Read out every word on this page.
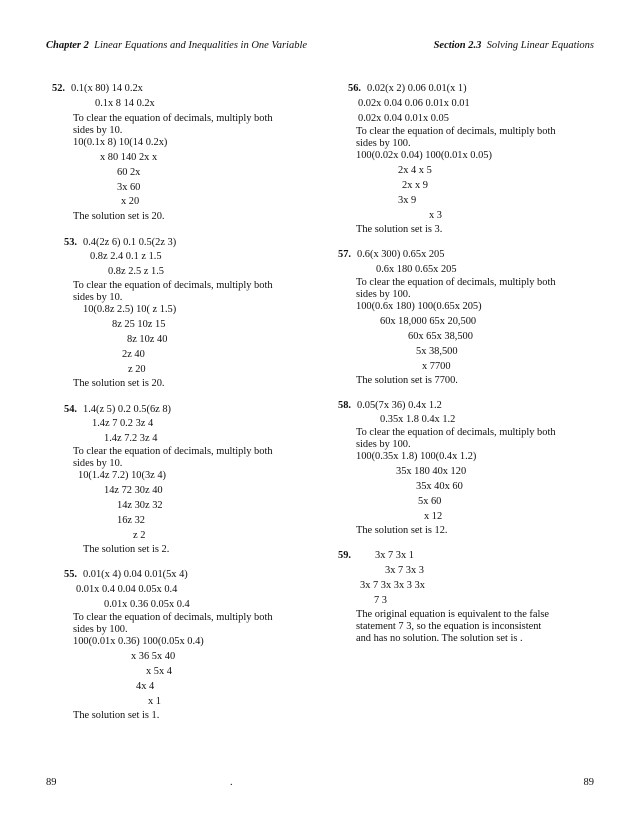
Chapter 2 Linear Equations and Inequalities in One Variable	Section 2.3 Solving Linear Equations
52. 0.1(x 80) 14 0.2x
0.1x 8 14 0.2x
To clear the equation of decimals, multiply both
sides by 10.
10(0.1x 8) 10(14 0.2x)
x 80 140 2x x
60 2x
3x 60
x 20
The solution set is 20.
53. 0.4(2z 6) 0.1 0.5(2z 3)
0.8z 2.4 0.1 z 1.5
0.8z 2.5 z 1.5
To clear the equation of decimals, multiply both
sides by 10.
10(0.8z 2.5) 10( z 1.5)
8z 25 10z 15
8z 10z 40
2z 40
z 20
The solution set is 20.
54. 1.4(z 5) 0.2 0.5(6z 8)
1.4z 7 0.2 3z 4
1.4z 7.2 3z 4
To clear the equation of decimals, multiply both
sides by 10.
10(1.4z 7.2) 10(3z 4)
14z 72 30z 40
14z 30z 32
16z 32
z 2
The solution set is 2.
55. 0.01(x 4) 0.04 0.01(5x 4)
0.01x 0.4 0.04 0.05x 0.4
0.01x 0.36 0.05x 0.4
To clear the equation of decimals, multiply both
sides by 100.
100(0.01x 0.36) 100(0.05x 0.4)
x 36 5x 40
x 5x 4
4x 4
x 1
The solution set is 1.
56. 0.02(x 2) 0.06 0.01(x 1)
0.02x 0.04 0.06 0.01x 0.01
0.02x 0.04 0.01x 0.05
To clear the equation of decimals, multiply both
sides by 100.
100(0.02x 0.04) 100(0.01x 0.05)
2x 4 x 5
2x x 9
3x 9
x 3
The solution set is 3.
57. 0.6(x 300) 0.65x 205
0.6x 180 0.65x 205
To clear the equation of decimals, multiply both
sides by 100.
100(0.6x 180) 100(0.65x 205)
60x 18,000 65x 20,500
60x 65x 38,500
5x 38,500
x 7700
The solution set is 7700.
58. 0.05(7x 36) 0.4x 1.2
0.35x 1.8 0.4x 1.2
To clear the equation of decimals, multiply both
sides by 100.
100(0.35x 1.8) 100(0.4x 1.2)
35x 180 40x 120
35x 40x 60
5x 60
x 12
The solution set is 12.
59. 3x 7 3x 1
3x 7 3x 3
3x 7 3x 3x 3 3x
7 3
The original equation is equivalent to the false
statement 7 3, so the equation is inconsistent
and has no solution. The solution set is .
89	.	89
